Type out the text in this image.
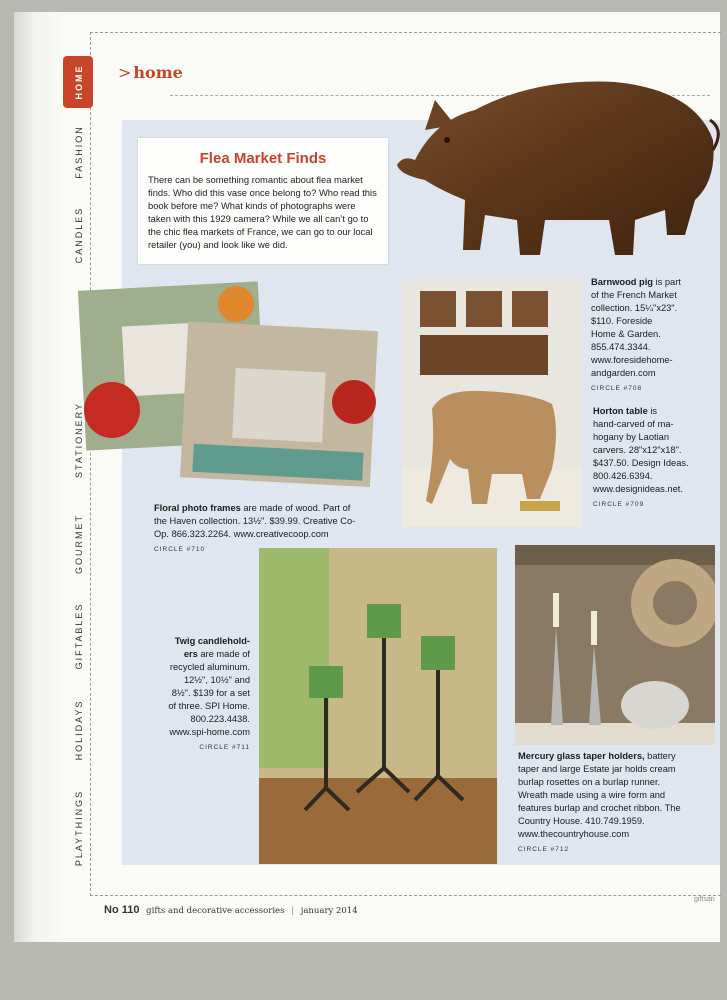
HOME
FASHION
CANDLES
STATIONERY
GOURMET
GIFTABLES
HOLIDAYS
PLAYTHINGS
> home
Flea Market Finds

There can be something romantic about flea market finds. Who did this vase once belong to? Who read this book before me? What kinds of photographs were taken with this 1929 camera? While we all can’t go to the chic flea markets of France, we can go to our local retailer (you) and look like we did.

Barnwood pig is part
of the French Market
collection. 15¼"x23".
$110. Foreside
Home & Garden.
855.474.3344.
www.foresidehome-
andgarden.com
CIRCLE #708
Horton table is
hand-carved of ma-
hogany by Laotian
carvers. 28"x12"x18".
$437.50. Design Ideas.
800.426.6394.
www.designideas.net.
CIRCLE #709
Floral photo frames are made of wood. Part of
the Haven collection. 13½". $39.99. Creative Co-
Op. 866.323.2264. www.creativecoop.com
CIRCLE #710
Twig candlehold-
ers are made of
recycled aluminum.
12½", 10½" and
8½". $139 for a set
of three. SPI Home.
800.223.4438.
www.spi-home.com
CIRCLE #711
Mercury glass taper holders, battery
taper and large Estate jar holds cream
burlap rosettes on a burlap runner.
Wreath made using a wire form and
features burlap and crochet ribbon. The
Country House. 410.749.1959.
www.thecountryhouse.com
CIRCLE #712
No 110 gifts and decorative accessories | january 2014
giftsan
